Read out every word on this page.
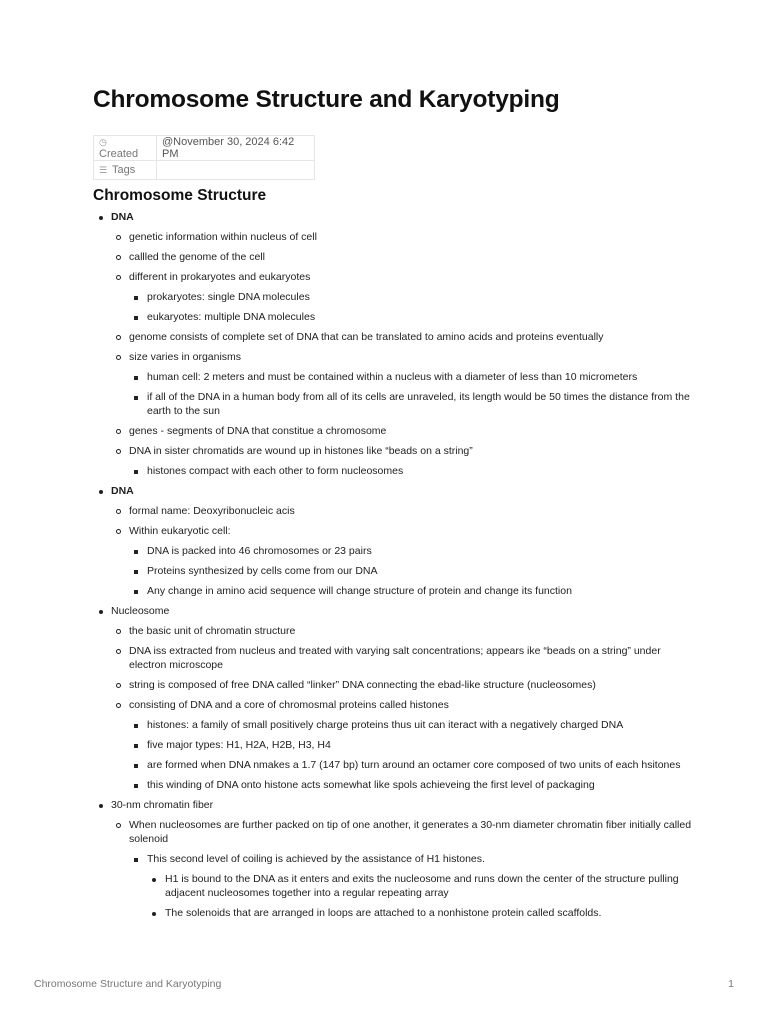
Chromosome Structure and Karyotyping
◷Created	@November 30, 2024 6:42 PM
☰ Tags	
Chromosome Structure
DNA
genetic information within nucleus of cell
callled the genome of the cell
different in prokaryotes and eukaryotes
prokaryotes: single DNA molecules
eukaryotes: multiple DNA molecules
genome consists of complete set of DNA that can be translated to amino acids and proteins eventually
size varies in organisms
human cell: 2 meters and must be contained within a nucleus with a diameter of less than 10 micrometers
if all of the DNA in a human body from all of its cells are unraveled, its length would be 50 times the distance from the earth to the sun
genes - segments of DNA that constitue a chromosome
DNA in sister chromatids are wound up in histones like “beads on a string”
histones compact with each other to form nucleosomes
DNA
formal name: Deoxyribonucleic acis
Within eukaryotic cell:
DNA is packed into 46 chromosomes or 23 pairs
Proteins synthesized by cells come from our DNA
Any change in amino acid sequence will change structure of protein and change its function
Nucleosome
the basic unit of chromatin structure
DNA iss extracted from nucleus and treated with varying salt concentrations; appears ike “beads on a string” under electron microscope
string is composed of free DNA called “linker” DNA connecting the ebad-like structure (nucleosomes)
consisting of DNA and a core of chromosmal proteins called histones
histones: a family of small positively charge proteins thus uit can iteract with a negatively charged DNA
five major types: H1, H2A, H2B, H3, H4
are formed when DNA nmakes a 1.7 (147 bp) turn around an octamer core composed of two units of each hsitones
this winding of DNA onto histone acts somewhat like spols achieveing the first level of packaging
30-nm chromatin fiber
When nucleosomes are further packed on tip of one another, it generates a 30-nm diameter chromatin fiber initially called solenoid
This second level of coiling is achieved by the assistance of H1 histones.
H1 is bound to the DNA as it enters and exits the nucleosome and runs down the center of the structure pulling adjacent nucleosomes together into a regular repeating array
The solenoids that are arranged in loops are attached to a nonhistone protein called scaffolds.
Chromosome Structure and Karyotyping	1
